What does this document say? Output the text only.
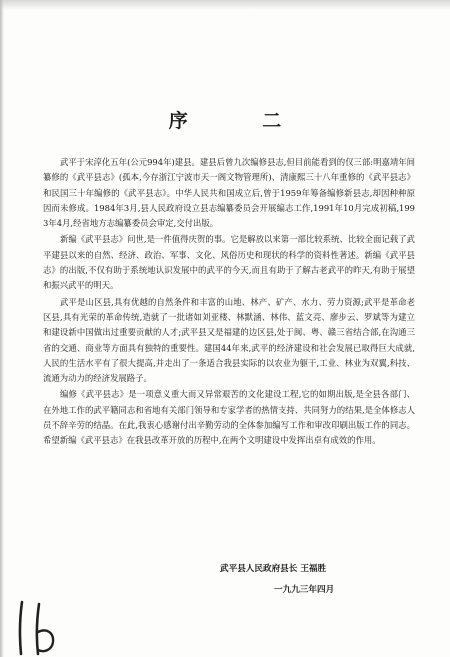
序 二

武平于宋淳化五年(公元994年)建县。建县后曾九次编修县志,但目前能看到的仅三部:明嘉靖年间纂修的《武平县志》(孤本,今存浙江宁波市天一阁文物管理所)、清康熙三十八年重修的《武平县志》和民国三十年编修的《武平县志》。中华人民共和国成立后,曾于1959年筹备编修新县志,却因种种原因而未修成。1984年3月,县人民政府设立县志编纂委员会开展编志工作,1991年10月完成初稿,1993年4月,经省地方志编纂委员会审定,交付出版。

新编《武平县志》问世,是一件值得庆贺的事。它是解放以来第一部比较系统、比较全面记载了武平建县以来的自然、经济、政治、军事、文化、风俗历史和现状的科学的资料性著述。新编《武平县志》的出版,不仅有助于系统地认识发展中的武平的今天,而且有助于了解古老武平的昨天,有助于展望和振兴武平的明天。

武平是山区县,具有优越的自然条件和丰富的山地、林产、矿产、水力、劳力资源;武平是革命老区县,具有光荣的革命传统,造就了一批诸如刘亚楼、林默涵、林伟、蓝文亮、廖步云、罗斌等为建立和建设新中国做出过重要贡献的人才;武平县又是福建的边区县,处于闽、粤、赣三省结合部,在沟通三省的交通、商业等方面具有独特的重要性。建国44年来,武平的经济建设和社会发展已取得巨大成就,人民的生活水平有了很大提高,并走出了一条适合我县实际的以农业为躯干,工业、林业为双翼,科技、流通为动力的经济发展路子。

编修《武平县志》是一项意义重大而又异常艰苦的文化建设工程,它的如期出版,是全县各部门、在外地工作的武平籍同志和省地有关部门领导和专家学者的热情支持、共同努力的结果,是全体修志人员不辞辛劳的结晶。在此,我衷心感谢付出辛勤劳动的全体参加编写工作和审改印刷出版工作的同志。希望新编《武平县志》在我县改革开放的历程中,在两个文明建设中发挥出卓有成效的作用。

武平县人民政府县长 王福胜
一九九三年四月
